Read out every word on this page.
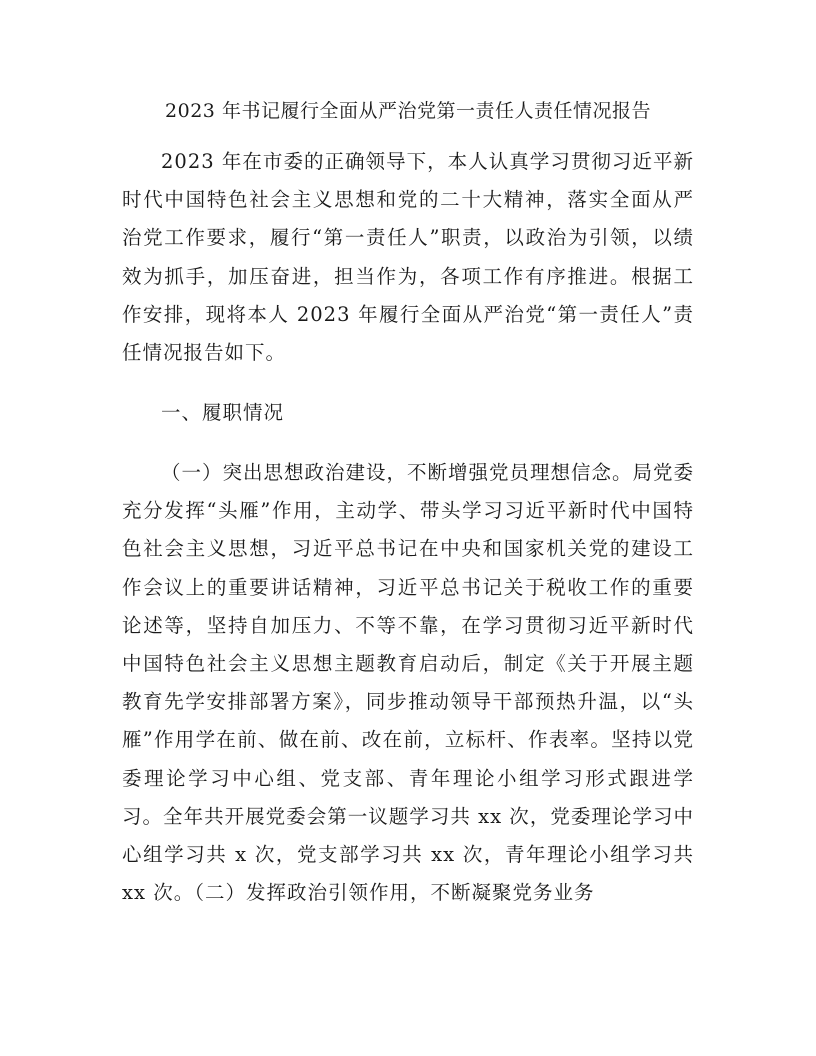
2023 年书记履行全面从严治党第一责任人责任情况报告
2023 年在市委的正确领导下，本人认真学习贯彻习近平新时代中国特色社会主义思想和党的二十大精神，落实全面从严治党工作要求，履行“第一责任人”职责，以政治为引领，以绩效为抓手，加压奋进，担当作为，各项工作有序推进。根据工作安排，现将本人 2023 年履行全面从严治党“第一责任人”责任情况报告如下。
一、履职情况
（一）突出思想政治建设，不断增强党员理想信念。局党委充分发挥“头雁”作用，主动学、带头学习习近平新时代中国特色社会主义思想，习近平总书记在中央和国家机关党的建设工作会议上的重要讲话精神，习近平总书记关于税收工作的重要论述等，坚持自加压力、不等不靠，在学习贯彻习近平新时代中国特色社会主义思想主题教育启动后，制定《关于开展主题教育先学安排部署方案》，同步推动领导干部预热升温，以“头雁”作用学在前、做在前、改在前，立标杆、作表率。坚持以党委理论学习中心组、党支部、青年理论小组学习形式跟进学习。全年共开展党委会第一议题学习共 xx 次，党委理论学习中心组学习共 x 次，党支部学习共 xx 次，青年理论小组学习共 xx 次。（二）发挥政治引领作用，不断凝聚党务业务
